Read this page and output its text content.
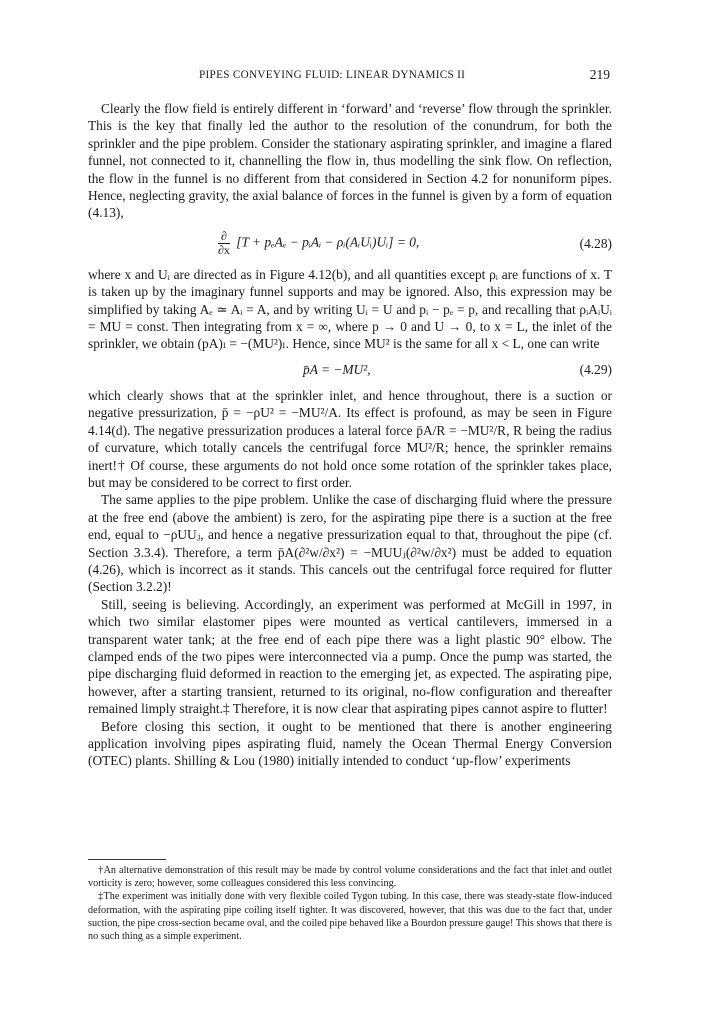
PIPES CONVEYING FLUID: LINEAR DYNAMICS II	219

Clearly the flow field is entirely different in ‘forward’ and ‘reverse’ flow through the sprinkler. This is the key that finally led the author to the resolution of the conundrum, for both the sprinkler and the pipe problem. Consider the stationary aspirating sprinkler, and imagine a flared funnel, not connected to it, channelling the flow in, thus modelling the sink flow. On reflection, the flow in the funnel is no different from that considered in Section 4.2 for nonuniform pipes. Hence, neglecting gravity, the axial balance of forces in the funnel is given by a form of equation (4.13),

$\frac{\partial}{\partial x} [T + p_eA_e$ − pᵢAᵢ − ρᵢ(AᵢUᵢ)Uᵢ] = 0,	(4.28)

where x and Uᵢ are directed as in Figure 4.12(b), and all quantities except ρᵢ are functions of x. T is taken up by the imaginary funnel supports and may be ignored. Also, this expression may be simplified by taking Aₑ ≃ Aᵢ = A, and by writing Uᵢ = U and pᵢ − pₑ = p, and recalling that ρᵢAᵢUᵢ = MU = const. Then integrating from x = ∞, where p → 0 and U → 0, to x = L, the inlet of the sprinkler, we obtain (pA)ₗ = −(MU²)ₗ. Hence, since MU² is the same for all x < L, one can write

p̄A = −MU²,	(4.29)

which clearly shows that at the sprinkler inlet, and hence throughout, there is a suction or negative pressurization, p̄ = −ρU² = −MU²/A. Its effect is profound, as may be seen in Figure 4.14(d). The negative pressurization produces a lateral force p̄A/R = −MU²/R, R being the radius of curvature, which totally cancels the centrifugal force MU²/R; hence, the sprinkler remains inert!† Of course, these arguments do not hold once some rotation of the sprinkler takes place, but may be considered to be correct to first order.

The same applies to the pipe problem. Unlike the case of discharging fluid where the pressure at the free end (above the ambient) is zero, for the aspirating pipe there is a suction at the free end, equal to −ρUUⱼ, and hence a negative pressurization equal to that, throughout the pipe (cf. Section 3.3.4). Therefore, a term p̄A(∂²w/∂x²) = −MUUⱼ(∂²w/∂x²) must be added to equation (4.26), which is incorrect as it stands. This cancels out the centrifugal force required for flutter (Section 3.2.2)!

Still, seeing is believing. Accordingly, an experiment was performed at McGill in 1997, in which two similar elastomer pipes were mounted as vertical cantilevers, immersed in a transparent water tank; at the free end of each pipe there was a light plastic 90° elbow. The clamped ends of the two pipes were interconnected via a pump. Once the pump was started, the pipe discharging fluid deformed in reaction to the emerging jet, as expected. The aspirating pipe, however, after a starting transient, returned to its original, no-flow configuration and thereafter remained limply straight.‡ Therefore, it is now clear that aspirating pipes cannot aspire to flutter!

Before closing this section, it ought to be mentioned that there is another engineering application involving pipes aspirating fluid, namely the Ocean Thermal Energy Conversion (OTEC) plants. Shilling & Lou (1980) initially intended to conduct ‘up-flow’ experiments

†An alternative demonstration of this result may be made by control volume considerations and the fact that inlet and outlet vorticity is zero; however, some colleagues considered this less convincing.

‡The experiment was initially done with very flexible coiled Tygon tubing. In this case, there was steady-state flow-induced deformation, with the aspirating pipe coiling itself tighter. It was discovered, however, that this was due to the fact that, under suction, the pipe cross-section became oval, and the coiled pipe behaved like a Bourdon pressure gauge! This shows that there is no such thing as a simple experiment.
